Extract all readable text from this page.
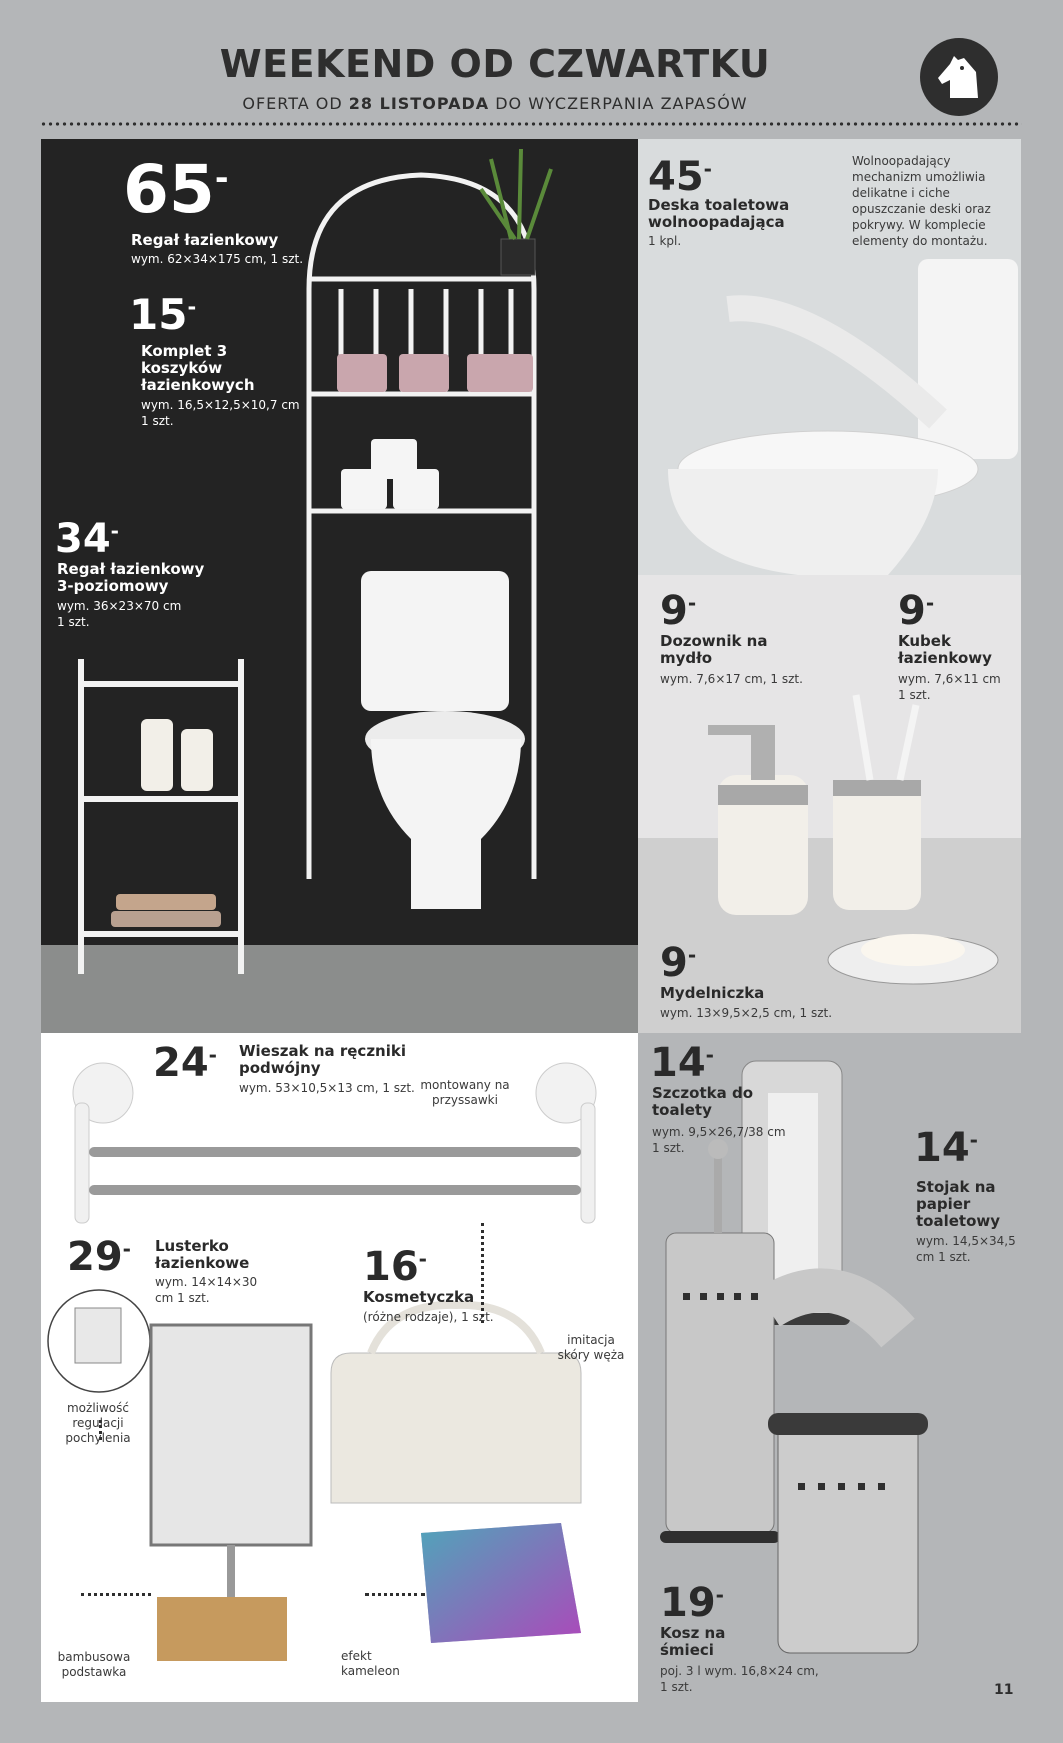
WEEKEND OD CZWARTKU
OFERTA OD 28 LISTOPADA DO WYCZERPANIA ZAPASÓW
65-
Regał łazienkowy
wym. 62×34×175 cm, 1 szt.
15-
Komplet 3 koszyków łazienkowych
wym. 16,5×12,5×10,7 cm 1 szt.
34-
Regał łazienkowy 3-poziomowy
wym. 36×23×70 cm 1 szt.
45-
Deska toaletowa wolnoopadająca
1 kpl.
Wolnoopadający mechanizm umożliwia delikatne i ciche opuszczanie deski oraz pokrywy. W komplecie elementy do montażu.
9-
Dozownik na mydło
wym. 7,6×17 cm, 1 szt.
9-
Kubek łazienkowy
wym. 7,6×11 cm 1 szt.
9-
Mydelniczka
wym. 13×9,5×2,5 cm, 1 szt.
24- Wieszak na ręczniki podwójny
wym. 53×10,5×13 cm, 1 szt. montowany na przyssawki
29- Lusterko łazienkowe
wym. 14×14×30 cm 1 szt.
możliwość regulacji pochylenia
bambusowa podstawka
16-
Kosmetyczka
(różne rodzaje), 1 szt.
imitacja skóry węża
efekt kameleon
14-
Szczotka do toalety
wym. 9,5×26,7/38 cm 1 szt.	14-
Stojak na papier toaletowy
wym. 14,5×34,5 cm 1 szt.
19-
Kosz na śmieci
poj. 3 l wym. 16,8×24 cm, 1 szt.	11
